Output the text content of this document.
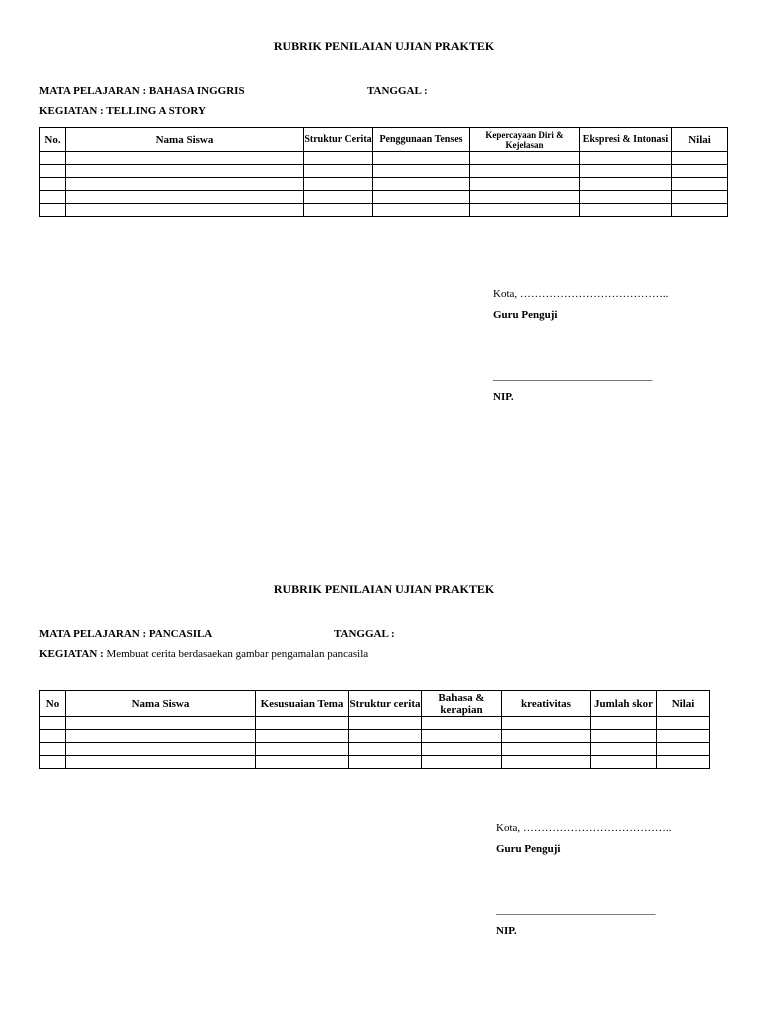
RUBRIK PENILAIAN UJIAN PRAKTEK
MATA PELAJARAN : BAHASA INGGRIS	TANGGAL :
KEGIATAN : TELLING A STORY
No.	Nama Siswa	Struktur Cerita	Penggunaan Tenses	Kepercayaan Diri & Kejelasan	Ekspresi & Intonasi	Nilai

Kota, …………………………………..
Guru Penguji
_____________________________
NIP.
RUBRIK PENILAIAN UJIAN PRAKTEK
MATA PELAJARAN : PANCASILA	TANGGAL :
KEGIATAN : Membuat cerita berdasaekan gambar pengamalan pancasila
No	Nama Siswa	Kesusuaian Tema	Struktur cerita	Bahasa & kerapian	kreativitas	Jumlah skor	Nilai

Kota, …………………………………..
Guru Penguji
_____________________________
NIP.
